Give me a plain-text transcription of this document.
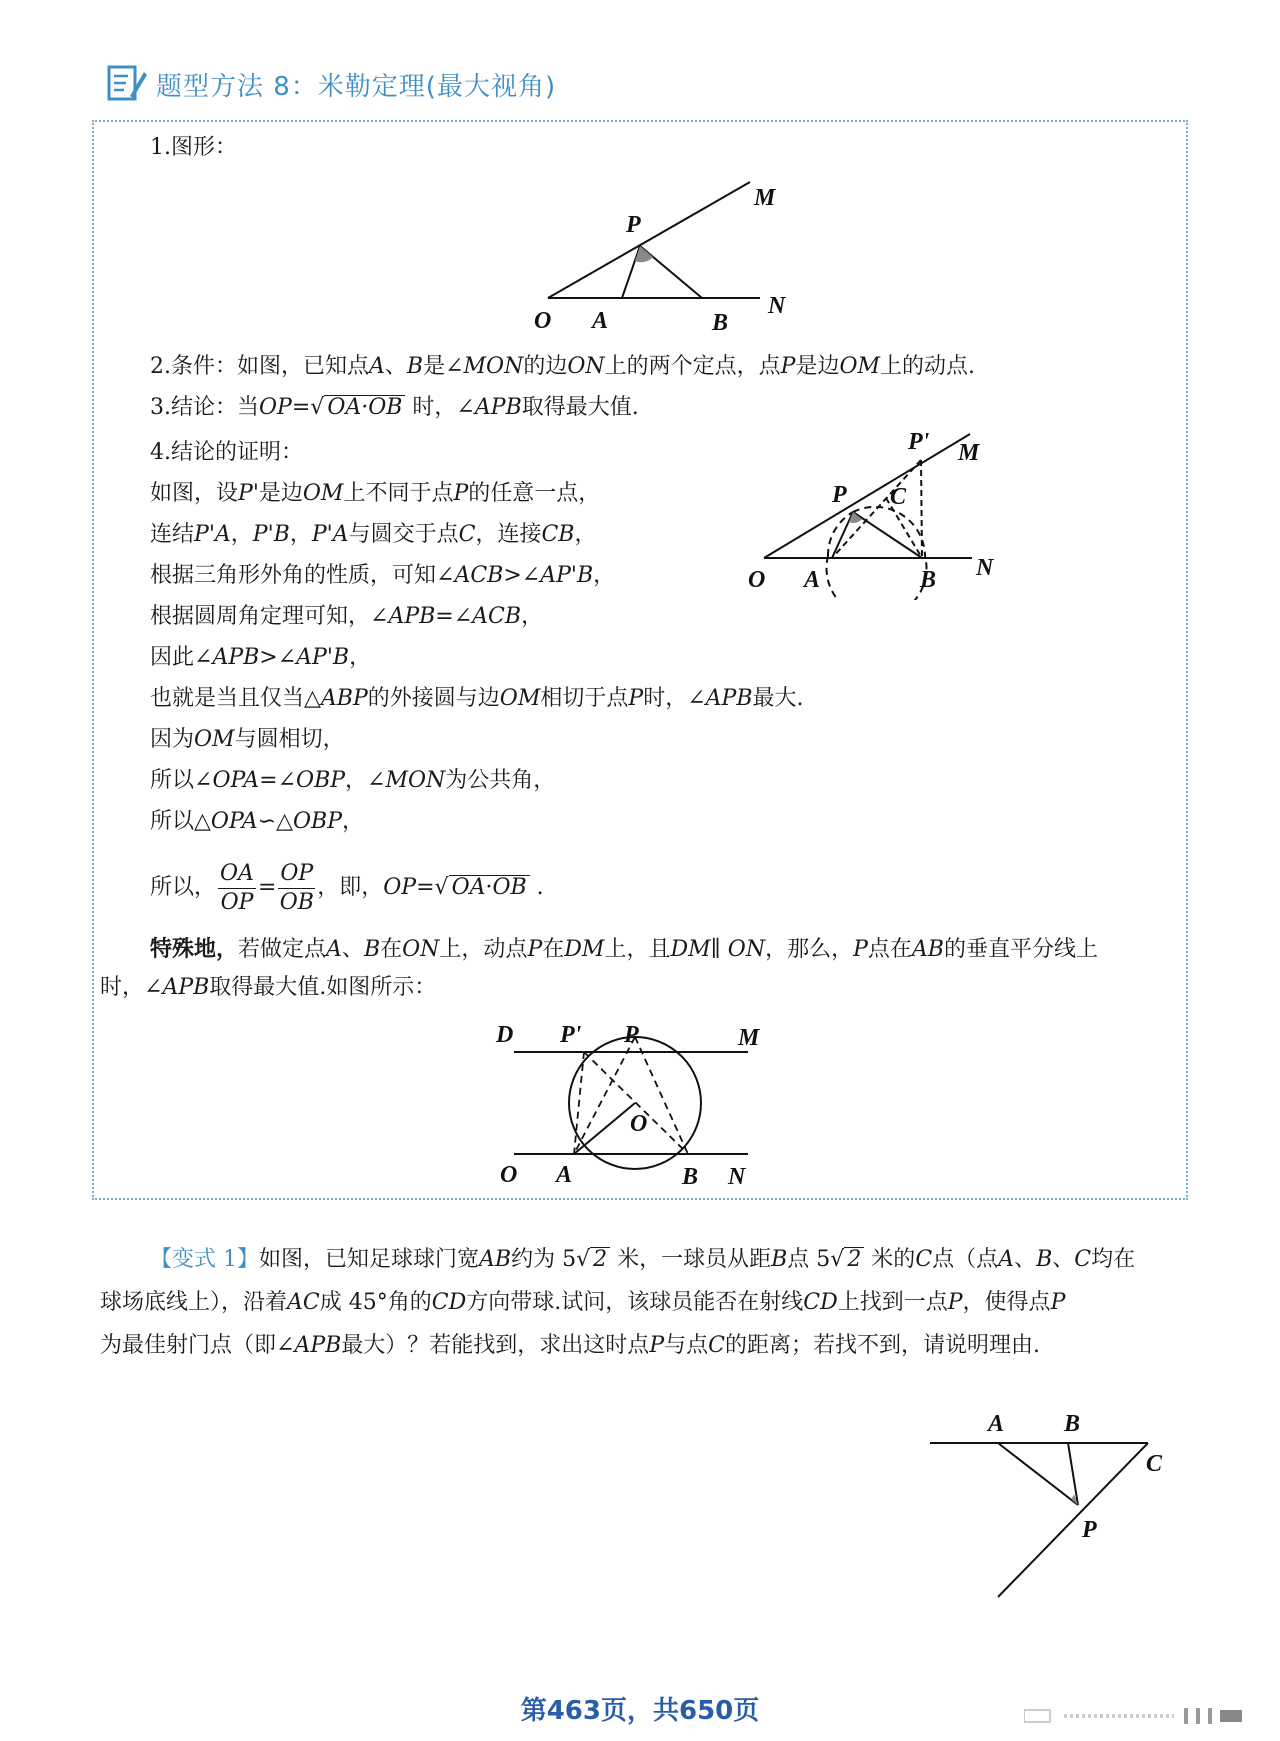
题型方法 8：米勒定理(最大视角)
1.图形：
P
M
O A	B
N
2.条件：如图，已知点A、B是∠MON的边ON上的两个定点，点P是边OM上的动点.
3.结论：当OP=√ OA·OB 时，∠APB取得最大值.
4.结论的证明：
如图，设P'是边OM上不同于点P的任意一点，
连结P'A，P'B，P'A与圆交于点C，连接CB，
根据三角形外角的性质，可知∠ACB>∠AP'B，
根据圆周角定理可知，∠APB=∠ACB，
因此∠APB>∠AP'B，
也就是当且仅当△ABP的外接圆与边OM相切于点P时，∠APB最大.
因为OM与圆相切，
所以∠OPA=∠OBP，∠MON为公共角，
所以△OPA∽△OBP，
所以， $\frac{OA}{OP} = \frac{OP}{OB}$ ，即，OP=√ OA·OB .
P' M
P C
O A	B N
特殊地，若做定点A、B在ON上，动点P在DM上，且DM∥ ON，那么，P点在AB的垂直平分线上
时，∠APB取得最大值.如图所示：
D P' P	M
O
O A	B N
【变式 1】如图，已知足球球门宽AB约为 5√ 2 米，一球员从距B点 5√ 2 米的C点（点A、B、C均在
球场底线上），沿着AC成 45°角的CD方向带球.试问，该球员能否在射线CD上找到一点P，使得点P
为最佳射门点（即∠APB最大）？若能找到，求出这时点P与点C的距离；若找不到，请说明理由.
A B
C
P
第463页，共650页
